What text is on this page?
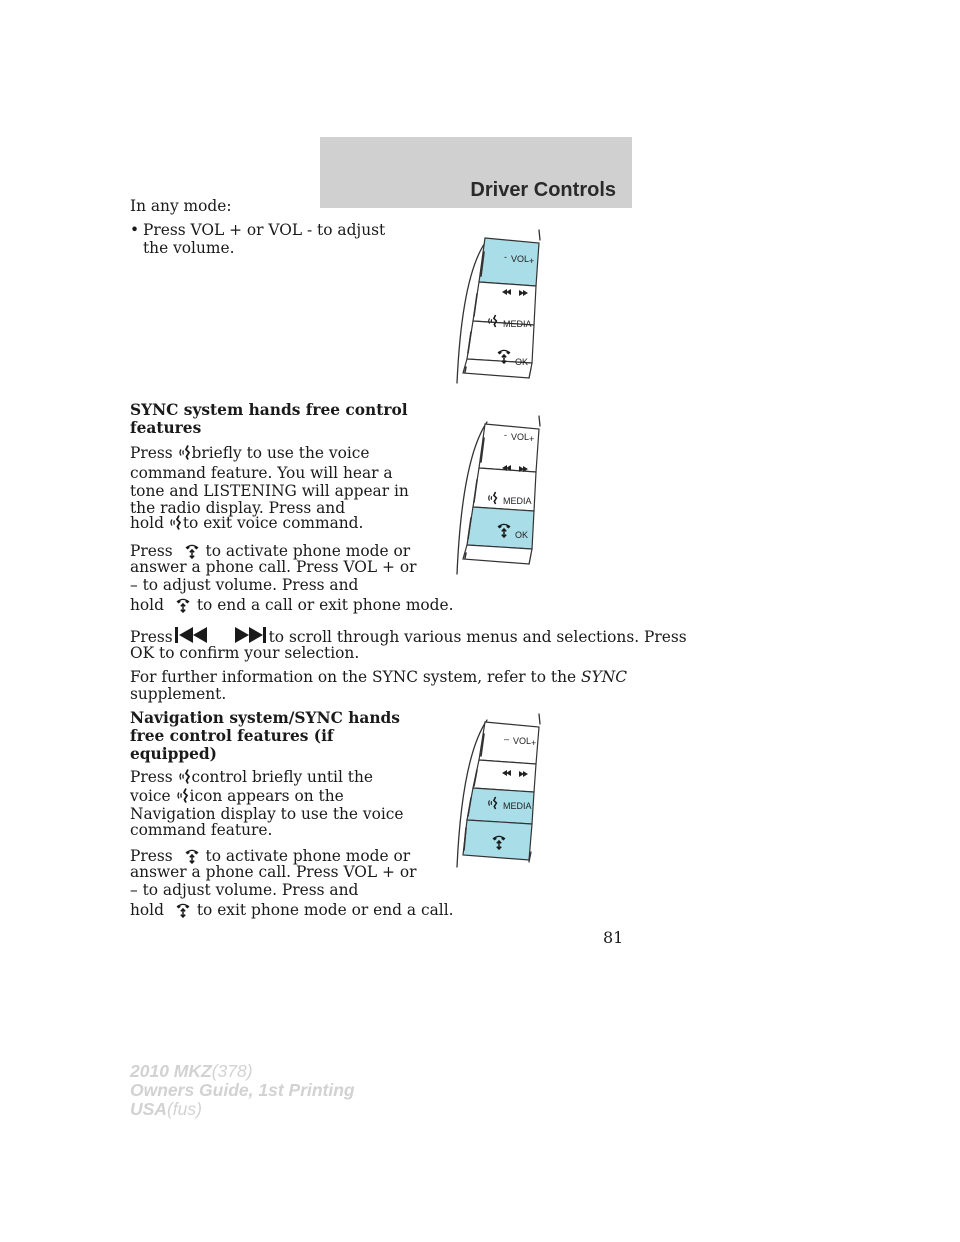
Driver Controls

In any mode:

• Press VOL + or VOL - to adjust

the volume.

SYNC system hands free control

features

Press briefly to use the voice

command feature. You will hear a

tone and LISTENING will appear in

the radio display. Press and

hold to exit voice command.

Press to activate phone mode or

answer a phone call. Press VOL + or

– to adjust volume. Press and

hold to end a call or exit phone mode.

Press	to scroll through various menus and selections. Press

OK to confirm your selection.

For further information on the SYNC system, refer to the SYNC

supplement.

Navigation system/SYNC hands

free control features (if

equipped)

Press control briefly until the

voice icon appears on the

Navigation display to use the voice

command feature.

Press to activate phone mode or

answer a phone call. Press VOL + or

– to adjust volume. Press and

hold to exit phone mode or end a call.

- VOL +
MEDIA
OK
- VOL +
MEDIA
OK
– VOL +
MEDIA

81

2010 MKZ(378)
Owners Guide, 1st Printing
USA(fus)
